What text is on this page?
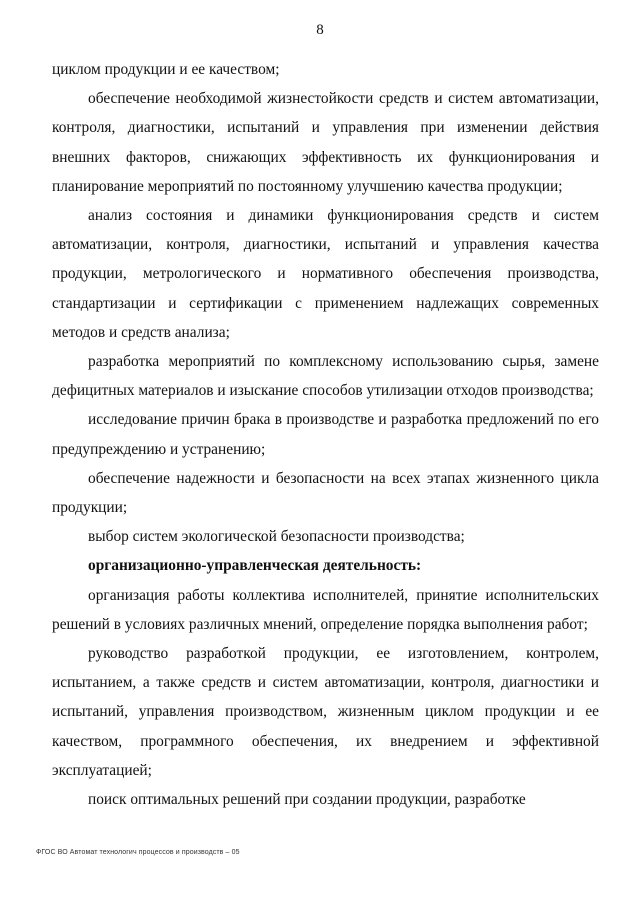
8

циклом продукции и ее качеством;

обеспечение необходимой жизнестойкости средств и систем автоматизации, контроля, диагностики, испытаний и управления при изменении действия внешних факторов, снижающих эффективность их функционирования и планирование мероприятий по постоянному улучшению качества продукции;

анализ состояния и динамики функционирования средств и систем автоматизации, контроля, диагностики, испытаний и управления качества продукции, метрологического и нормативного обеспечения производства, стандартизации и сертификации с применением надлежащих современных методов и средств анализа;

разработка мероприятий по комплексному использованию сырья, замене дефицитных материалов и изыскание способов утилизации отходов производства;

исследование причин брака в производстве и разработка предложений по его предупреждению и устранению;

обеспечение надежности и безопасности на всех этапах жизненного цикла продукции;

выбор систем экологической безопасности производства;

организационно-управленческая деятельность:

организация работы коллектива исполнителей, принятие исполнительских решений в условиях различных мнений, определение порядка выполнения работ;

руководство разработкой продукции, ее изготовлением, контролем, испытанием, а также средств и систем автоматизации, контроля, диагностики и испытаний, управления производством, жизненным циклом продукции и ее качеством, программного обеспечения, их внедрением и эффективной эксплуатацией;

поиск оптимальных решений при создании продукции, разработке

ФГОС ВО Автомат технологич процессов и производств – 05
